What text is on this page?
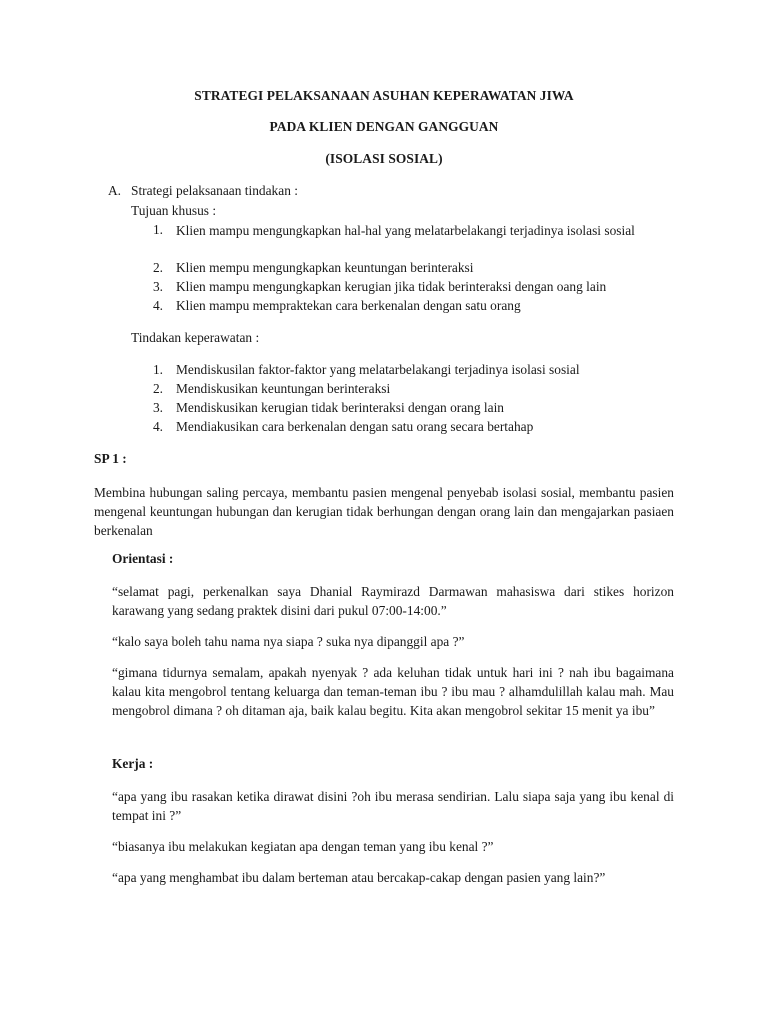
STRATEGI PELAKSANAAN ASUHAN KEPERAWATAN JIWA
PADA KLIEN DENGAN GANGGUAN
(ISOLASI SOSIAL)
A. Strategi pelaksanaan tindakan :
Tujuan khusus :
1. Klien mampu mengungkapkan hal-hal yang melatarbelakangi terjadinya isolasi sosial
2. Klien mempu mengungkapkan keuntungan berinteraksi
3. Klien mampu mengungkapkan kerugian jika tidak berinteraksi dengan oang lain
4. Klien mampu mempraktekan cara berkenalan dengan satu orang
Tindakan keperawatan :
1. Mendiskusilan faktor-faktor yang melatarbelakangi terjadinya isolasi sosial
2. Mendiskusikan keuntungan berinteraksi
3. Mendiskusikan kerugian tidak berinteraksi dengan orang lain
4. Mendiakusikan cara berkenalan dengan satu orang secara bertahap
SP 1 :
Membina hubungan saling percaya, membantu pasien mengenal penyebab isolasi sosial, membantu pasien mengenal keuntungan hubungan dan kerugian tidak berhungan dengan orang lain dan mengajarkan pasiaen berkenalan
Orientasi :
“selamat pagi, perkenalkan saya Dhanial Raymirazd Darmawan mahasiswa dari stikes horizon karawang yang sedang praktek disini dari pukul 07:00-14:00.”
“kalo saya boleh tahu nama nya siapa ? suka nya dipanggil apa ?”
“gimana tidurnya semalam, apakah nyenyak ? ada keluhan tidak untuk hari ini ? nah ibu bagaimana kalau kita mengobrol tentang keluarga dan teman-teman ibu ? ibu mau ? alhamdulillah kalau mah. Mau mengobrol dimana ? oh ditaman aja, baik kalau begitu. Kita akan mengobrol sekitar 15 menit ya ibu”
Kerja :
“apa yang ibu rasakan ketika dirawat disini ?oh ibu merasa sendirian. Lalu siapa saja yang ibu kenal di tempat ini ?”
“biasanya ibu melakukan kegiatan apa dengan teman yang ibu kenal ?”
“apa yang menghambat ibu dalam berteman atau bercakap-cakap dengan pasien yang lain?”
